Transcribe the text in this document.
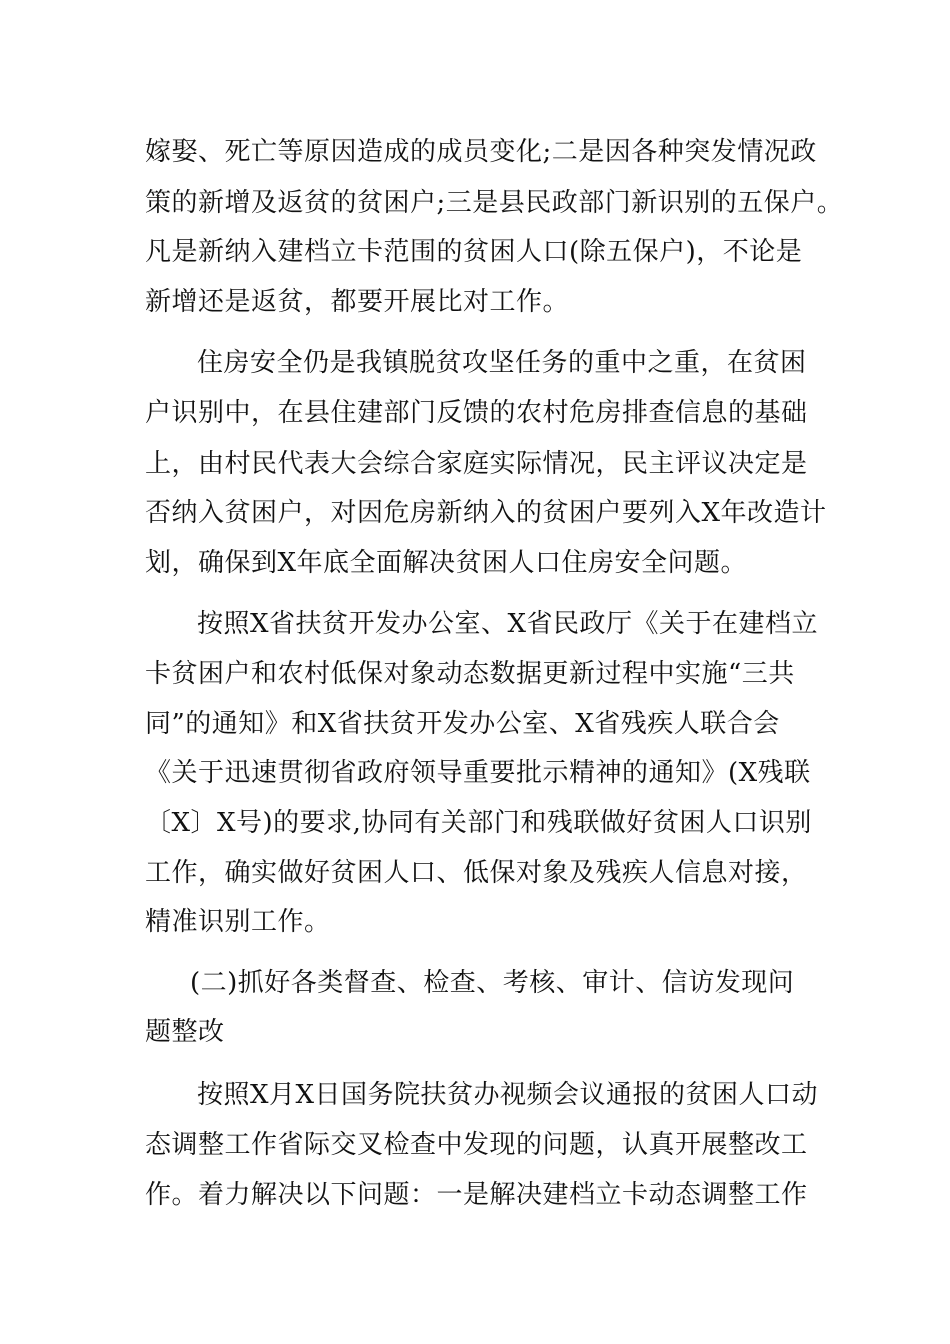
嫁娶、死亡等原因造成的成员变化;二是因各种突发情况政
策的新增及返贫的贫困户;三是县民政部门新识别的五保户。
凡是新纳入建档立卡范围的贫困人口(除五保户)，不论是
新增还是返贫，都要开展比对工作。
住房安全仍是我镇脱贫攻坚任务的重中之重，在贫困
户识别中，在县住建部门反馈的农村危房排查信息的基础
上，由村民代表大会综合家庭实际情况，民主评议决定是
否纳入贫困户，对因危房新纳入的贫困户要列入X年改造计
划，确保到X年底全面解决贫困人口住房安全问题。
按照X省扶贫开发办公室、X省民政厅《关于在建档立
卡贫困户和农村低保对象动态数据更新过程中实施“三共
同”的通知》和X省扶贫开发办公室、X省残疾人联合会
《关于迅速贯彻省政府领导重要批示精神的通知》(X残联
〔X〕X号)的要求,协同有关部门和残联做好贫困人口识别
工作，确实做好贫困人口、低保对象及残疾人信息对接，
精准识别工作。
(二)抓好各类督查、检查、考核、审计、信访发现问
题整改
按照X月X日国务院扶贫办视频会议通报的贫困人口动
态调整工作省际交叉检查中发现的问题，认真开展整改工
作。着力解决以下问题：一是解决建档立卡动态调整工作
